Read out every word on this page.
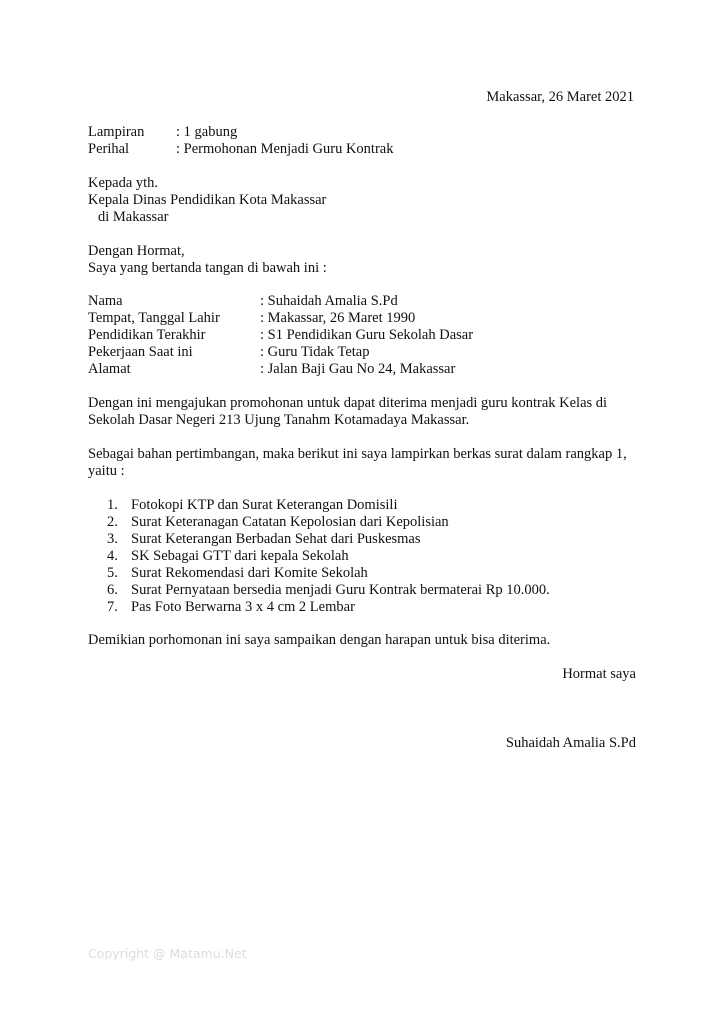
Makassar, 26 Maret 2021
Lampiran : 1 gabung
Perihal	: Permohonan Menjadi Guru Kontrak
Kepada yth.
Kepala Dinas Pendidikan Kota Makassar
di Makassar
Dengan Hormat,
Saya yang bertanda tangan di bawah ini :
Nama	: Suhaidah Amalia S.Pd
Tempat, Tanggal Lahir	: Makassar, 26 Maret 1990
Pendidikan Terakhir	: S1 Pendidikan Guru Sekolah Dasar
Pekerjaan Saat ini	: Guru Tidak Tetap
Alamat	: Jalan Baji Gau No 24, Makassar
Dengan ini mengajukan promohonan untuk dapat diterima menjadi guru kontrak Kelas di
Sekolah Dasar Negeri 213 Ujung Tanahm Kotamadaya Makassar.
Sebagai bahan pertimbangan, maka berikut ini saya lampirkan berkas surat dalam rangkap 1,
yaitu :
1. Fotokopi KTP dan Surat Keterangan Domisili
2. Surat Keteranagan Catatan Kepolosian dari Kepolisian
3. Surat Keterangan Berbadan Sehat dari Puskesmas
4. SK Sebagai GTT dari kepala Sekolah
5. Surat Rekomendasi dari Komite Sekolah
6. Surat Pernyataan bersedia menjadi Guru Kontrak bermaterai Rp 10.000.
7. Pas Foto Berwarna 3 x 4 cm 2 Lembar
Demikian porhomonan ini saya sampaikan dengan harapan untuk bisa diterima.
Hormat saya
Suhaidah Amalia S.Pd
Copyright @ Matamu.Net
